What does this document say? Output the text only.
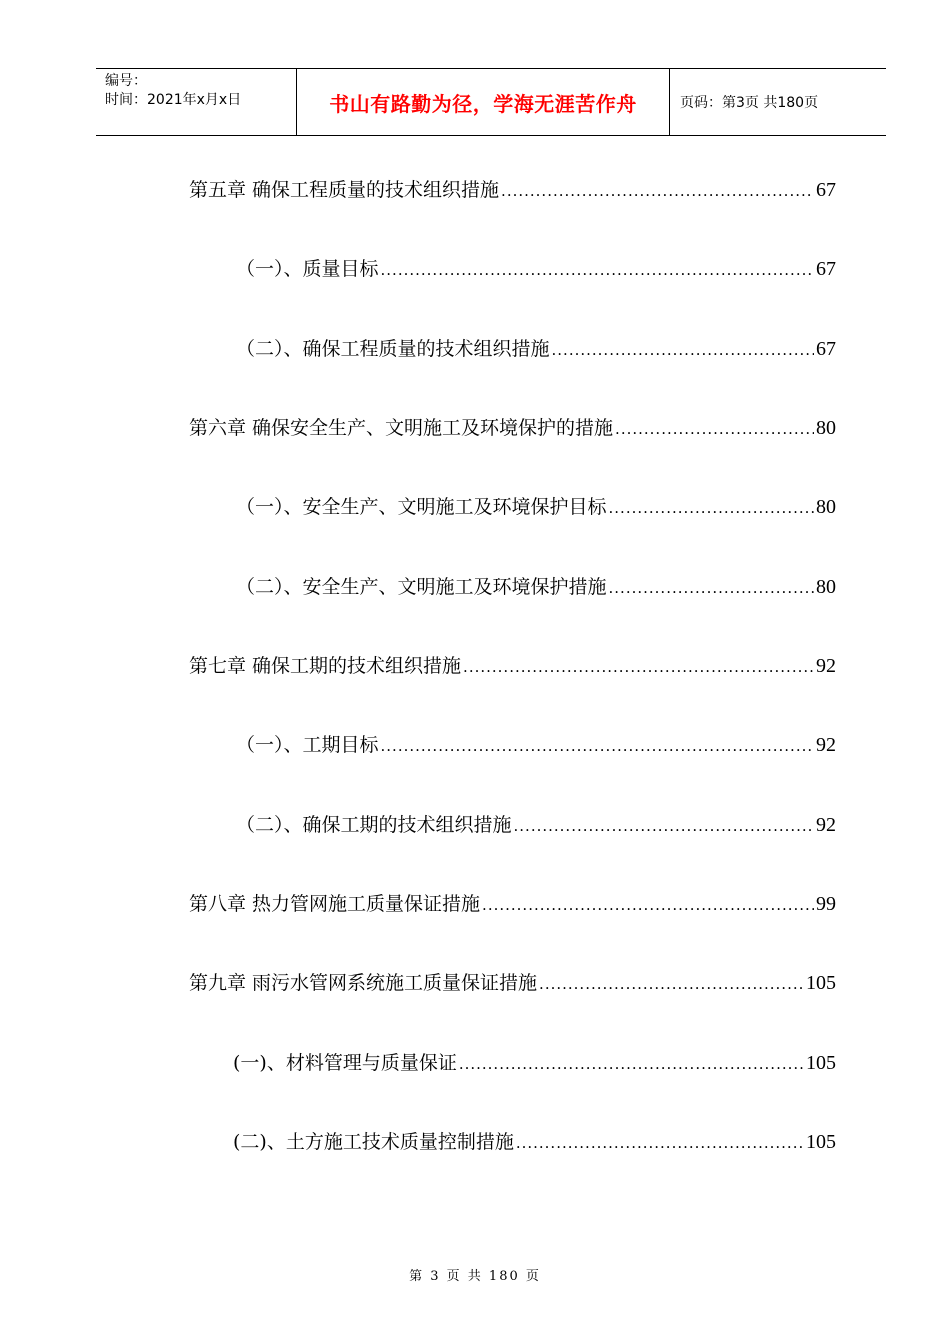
编号：
时间：2021年x月x日	书山有路勤为径，学海无涯苦作舟	页码：第3页 共180页
第五章 确保工程质量的技术组织措施 .....	67
（一）、质量目标 .....	67
（二）、确保工程质量的技术组织措施 .....	67
第六章 确保安全生产、文明施工及环境保护的措施 .....	80
（一）、安全生产、文明施工及环境保护目标 .....	80
（二）、安全生产、文明施工及环境保护措施 .....	80
第七章 确保工期的技术组织措施 .....	92
（一）、工期目标 .....	92
（二）、确保工期的技术组织措施 .....	92
第八章 热力管网施工质量保证措施 .....	99
第九章 雨污水管网系统施工质量保证措施 .....	105
(一)、材料管理与质量保证 .....	105
(二)、土方施工技术质量控制措施 .....	105
第 3 页 共 180 页
